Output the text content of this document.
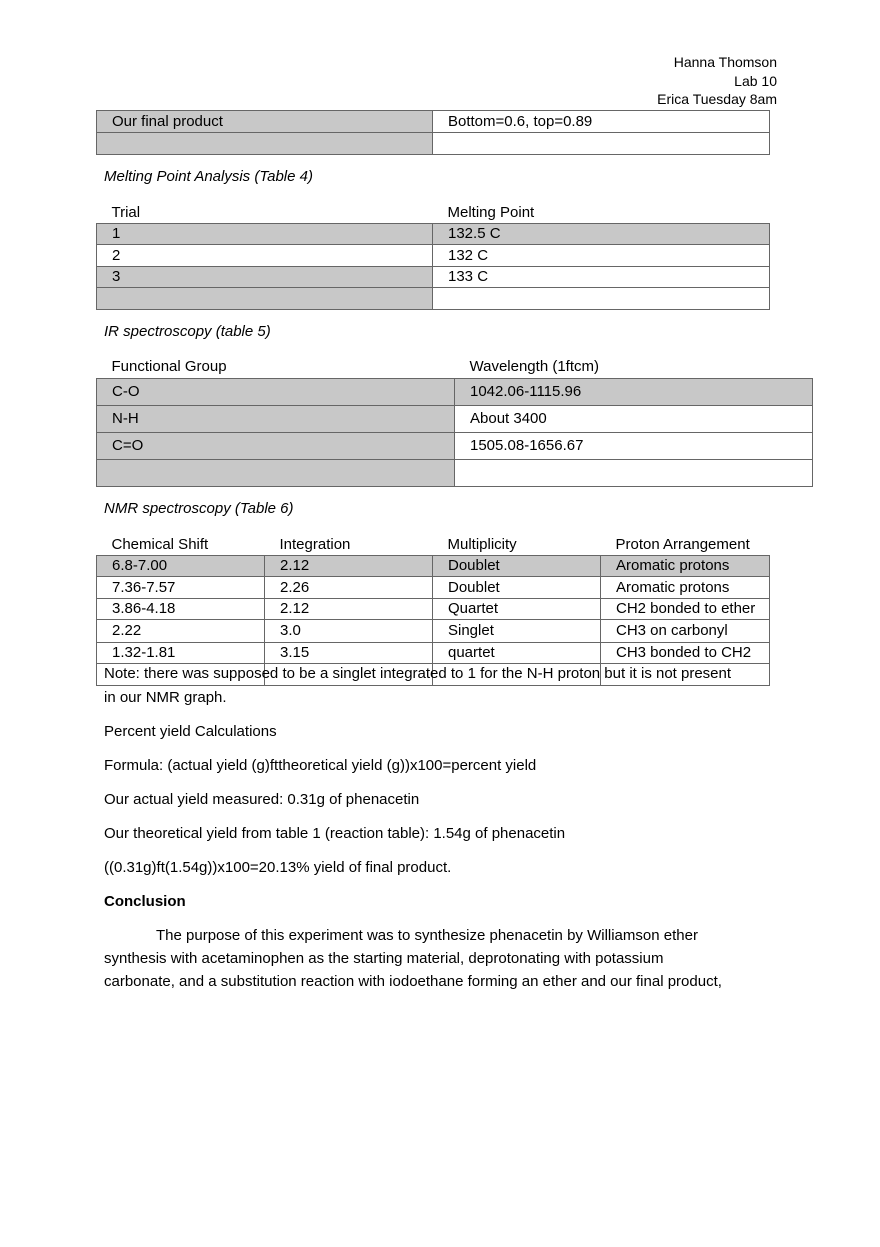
Hanna Thomson
Lab 10
Erica Tuesday 8am
Our final product	Bottom=0.6, top=0.89

Melting Point Analysis (Table 4)
Trial	Melting Point
1	132.5 C
2	132 C
3	133 C

IR spectroscopy (table 5)
Functional Group	Wavelength (1ftcm)
C-O	1042.06-1115.96
N-H	About 3400
C=O	1505.08-1656.67

NMR spectroscopy (Table 6)
Chemical Shift	Integration	Multiplicity	Proton Arrangement
6.8-7.00	2.12	Doublet	Aromatic protons
7.36-7.57	2.26	Doublet	Aromatic protons
3.86-4.18	2.12	Quartet	CH2 bonded to ether
2.22	3.0	Singlet	CH3 on carbonyl
1.32-1.81	3.15	quartet	CH3 bonded to CH2

Note: there was supposed to be a singlet integrated to 1 for the N-H proton but it is not present
in our NMR graph.
Percent yield Calculations
Formula: (actual yield (g)fttheoretical yield (g))x100=percent yield
Our actual yield measured: 0.31g of phenacetin
Our theoretical yield from table 1 (reaction table): 1.54g of phenacetin
((0.31g)ft(1.54g))x100=20.13% yield of final product.
Conclusion
The purpose of this experiment was to synthesize phenacetin by Williamson ether
synthesis with acetaminophen as the starting material, deprotonating with potassium
carbonate, and a substitution reaction with iodoethane forming an ether and our final product,
